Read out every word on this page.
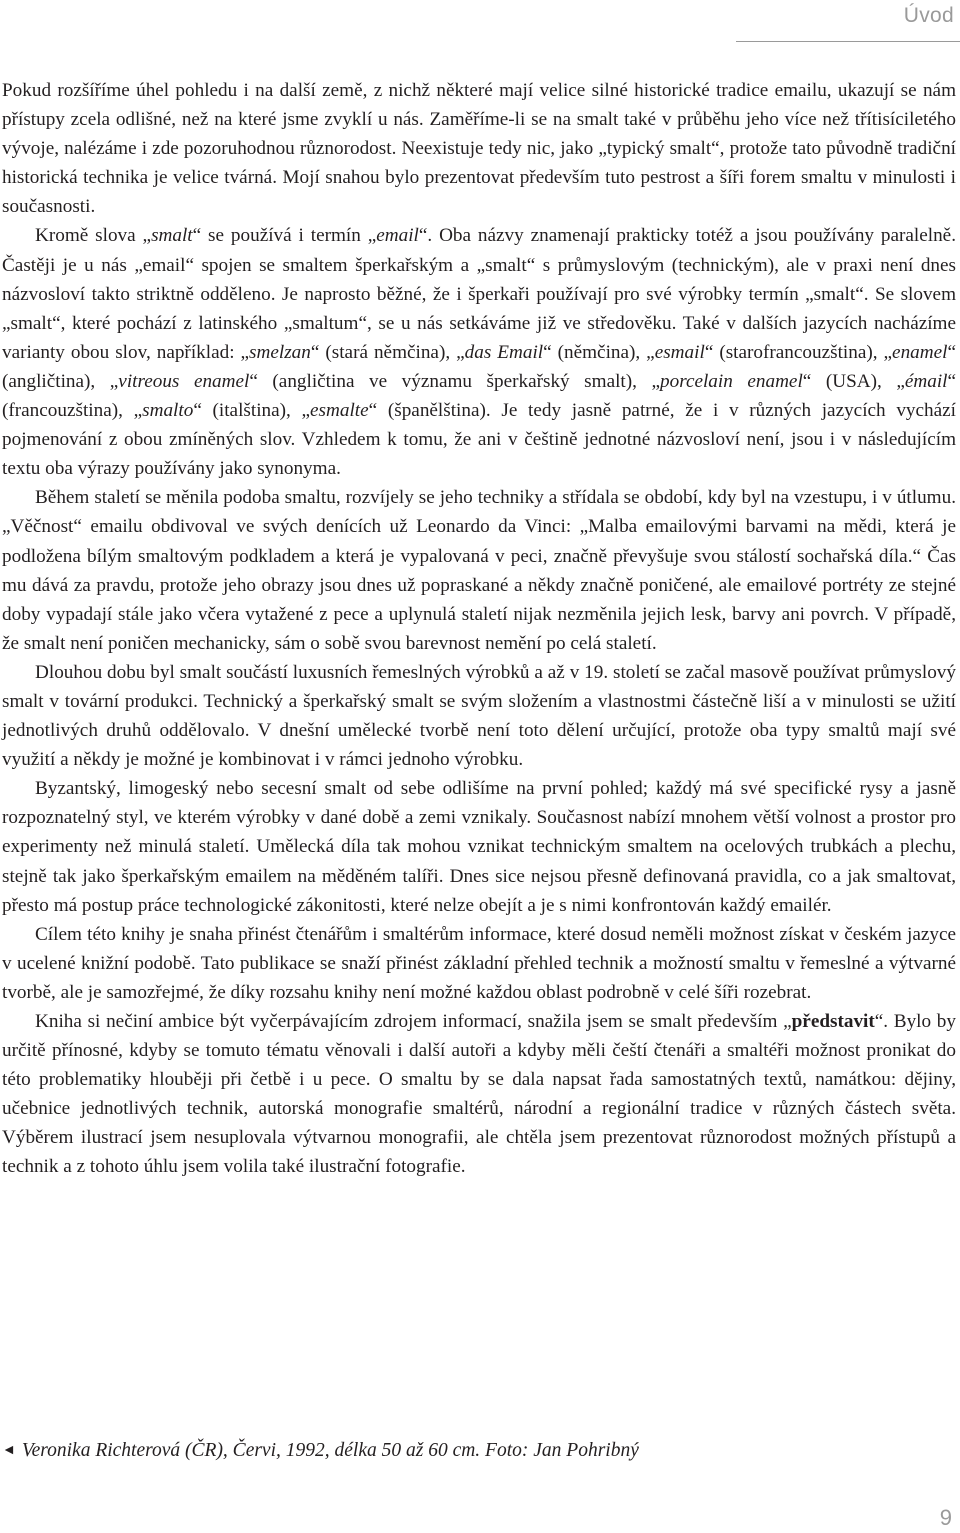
Úvod

Pokud rozšíříme úhel pohledu i na další země, z nichž některé mají velice silné historické tradice emailu, ukazují se nám přístupy zcela odlišné, než na které jsme zvyklí u nás. Zaměříme-li se na smalt také v průběhu jeho více než třítisíciletého vývoje, nalézáme i zde pozoruhodnou různorodost. Neexistuje tedy nic, jako „typický smalt“, protože tato původně tradiční historická technika je velice tvárná. Mojí snahou bylo prezentovat především tuto pestrost a šíři forem smaltu v minulosti i současnosti.

Kromě slova „smalt“ se používá i termín „email“. Oba názvy znamenají prakticky totéž a jsou používány paralelně. Častěji je u nás „email“ spojen se smaltem šperkařským a „smalt“ s průmyslovým (technickým), ale v praxi není dnes názvosloví takto striktně odděleno. Je naprosto běžné, že i šperkaři používají pro své výrobky termín „smalt“. Se slovem „smalt“, které pochází z latinského „smaltum“, se u nás setkáváme již ve středověku. Také v dalších jazycích nacházíme varianty obou slov, například: „smelzan“ (stará němčina), „das Email“ (němčina), „esmail“ (starofrancouzština), „enamel“ (angličtina), „vitreous enamel“ (angličtina ve významu šperkařský smalt), „porcelain enamel“ (USA), „émail“ (francouzština), „smalto“ (italština), „esmalte“ (španělština). Je tedy jasně patrné, že i v různých jazycích vychází pojmenování z obou zmíněných slov. Vzhledem k tomu, že ani v češtině jednotné názvosloví není, jsou i v následujícím textu oba výrazy používány jako synonyma.

Během staletí se měnila podoba smaltu, rozvíjely se jeho techniky a střídala se období, kdy byl na vzestupu, i v útlumu. „Věčnost“ emailu obdivoval ve svých denících už Leonardo da Vinci: „Malba emailovými barvami na mědi, která je podložena bílým smaltovým podkladem a která je vypalovaná v peci, značně převyšuje svou stálostí sochařská díla.“ Čas mu dává za pravdu, protože jeho obrazy jsou dnes už popraskané a někdy značně poničené, ale emailové portréty ze stejné doby vypadají stále jako včera vytažené z pece a uplynulá staletí nijak nezměnila jejich lesk, barvy ani povrch. V případě, že smalt není poničen mechanicky, sám o sobě svou barevnost nemění po celá staletí.

Dlouhou dobu byl smalt součástí luxusních řemeslných výrobků a až v 19. století se začal masově používat průmyslový smalt v tovární produkci. Technický a šperkařský smalt se svým složením a vlastnostmi částečně liší a v minulosti se užití jednotlivých druhů oddělovalo. V dnešní umělecké tvorbě není toto dělení určující, protože oba typy smaltů mají své využití a někdy je možné je kombinovat i v rámci jednoho výrobku.

Byzantský, limogeský nebo secesní smalt od sebe odlišíme na první pohled; každý má své specifické rysy a jasně rozpoznatelný styl, ve kterém výrobky v dané době a zemi vznikaly. Současnost nabízí mnohem větší volnost a prostor pro experimenty než minulá staletí. Umělecká díla tak mohou vznikat technickým smaltem na ocelových trubkách a plechu, stejně tak jako šperkařským emailem na měděném talíři. Dnes sice nejsou přesně definovaná pravidla, co a jak smaltovat, přesto má postup práce technologické zákonitosti, které nelze obejít a je s nimi konfrontován každý emailér.

Cílem této knihy je snaha přinést čtenářům i smaltérům informace, které dosud neměli možnost získat v českém jazyce v ucelené knižní podobě. Tato publikace se snaží přinést základní přehled technik a možností smaltu v řemeslné a výtvarné tvorbě, ale je samozřejmé, že díky rozsahu knihy není možné každou oblast podrobně v celé šíři rozebrat.

Kniha si nečiní ambice být vyčerpávajícím zdrojem informací, snažila jsem se smalt především „představit“. Bylo by určitě přínosné, kdyby se tomuto tématu věnovali i další autoři a kdyby měli čeští čtenáři a smaltéři možnost pronikat do této problematiky hlouběji při četbě i u pece. O smaltu by se dala napsat řada samostatných textů, namátkou: dějiny, učebnice jednotlivých technik, autorská monografie smaltérů, národní a regionální tradice v různých částech světa. Výběrem ilustrací jsem nesuplovala výtvarnou monografii, ale chtěla jsem prezentovat různorodost možných přístupů a technik a z tohoto úhlu jsem volila také ilustrační fotografie.

◄ Veronika Richterová (ČR), Červi, 1992, délka 50 až 60 cm. Foto: Jan Pohribný
9
